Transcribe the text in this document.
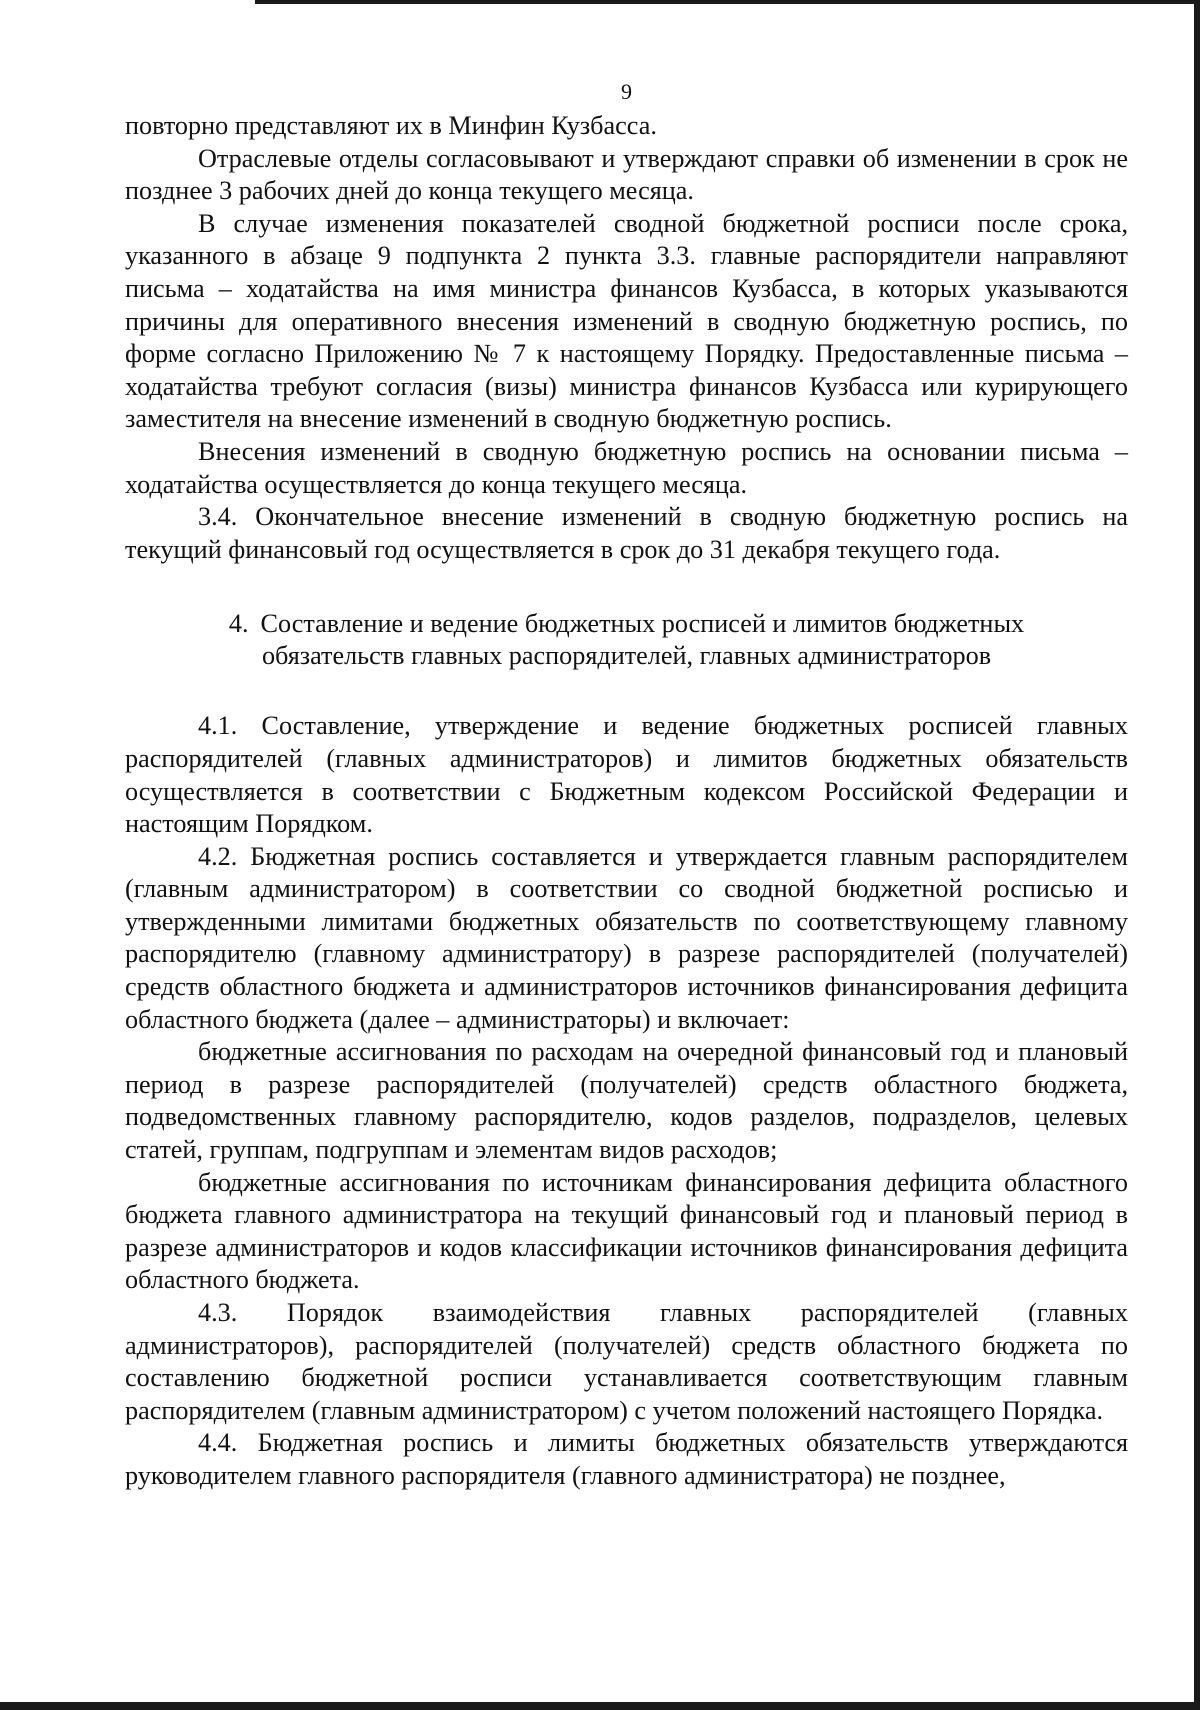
9

повторно представляют их в Минфин Кузбасса.

Отраслевые отделы согласовывают и утверждают справки об изменении в срок не позднее 3 рабочих дней до конца текущего месяца.

В случае изменения показателей сводной бюджетной росписи после срока, указанного в абзаце 9 подпункта 2 пункта 3.3. главные распорядители направляют письма – ходатайства на имя министра финансов Кузбасса, в которых указываются причины для оперативного внесения изменений в сводную бюджетную роспись, по форме согласно Приложению № 7 к настоящему Порядку. Предоставленные письма – ходатайства требуют согласия (визы) министра финансов Кузбасса или курирующего заместителя на внесение изменений в сводную бюджетную роспись.

Внесения изменений в сводную бюджетную роспись на основании письма – ходатайства осуществляется до конца текущего месяца.

3.4. Окончательное внесение изменений в сводную бюджетную роспись на текущий финансовый год осуществляется в срок до 31 декабря текущего года.

4. Составление и ведение бюджетных росписей и лимитов бюджетных
обязательств главных распорядителей, главных администраторов

4.1. Составление, утверждение и ведение бюджетных росписей главных распорядителей (главных администраторов) и лимитов бюджетных обязательств осуществляется в соответствии с Бюджетным кодексом Российской Федерации и настоящим Порядком.

4.2. Бюджетная роспись составляется и утверждается главным распорядителем (главным администратором) в соответствии со сводной бюджетной росписью и утвержденными лимитами бюджетных обязательств по соответствующему главному распорядителю (главному администратору) в разрезе распорядителей (получателей) средств областного бюджета и администраторов источников финансирования дефицита областного бюджета (далее – администраторы) и включает:

бюджетные ассигнования по расходам на очередной финансовый год и плановый период в разрезе распорядителей (получателей) средств областного бюджета, подведомственных главному распорядителю, кодов разделов, подразделов, целевых статей, группам, подгруппам и элементам видов расходов;

бюджетные ассигнования по источникам финансирования дефицита областного бюджета главного администратора на текущий финансовый год и плановый период в разрезе администраторов и кодов классификации источников финансирования дефицита областного бюджета.

4.3. Порядок взаимодействия главных распорядителей (главных администраторов), распорядителей (получателей) средств областного бюджета по составлению бюджетной росписи устанавливается соответствующим главным распорядителем (главным администратором) с учетом положений настоящего Порядка.

4.4. Бюджетная роспись и лимиты бюджетных обязательств утверждаются руководителем главного распорядителя (главного администратора) не позднее,
